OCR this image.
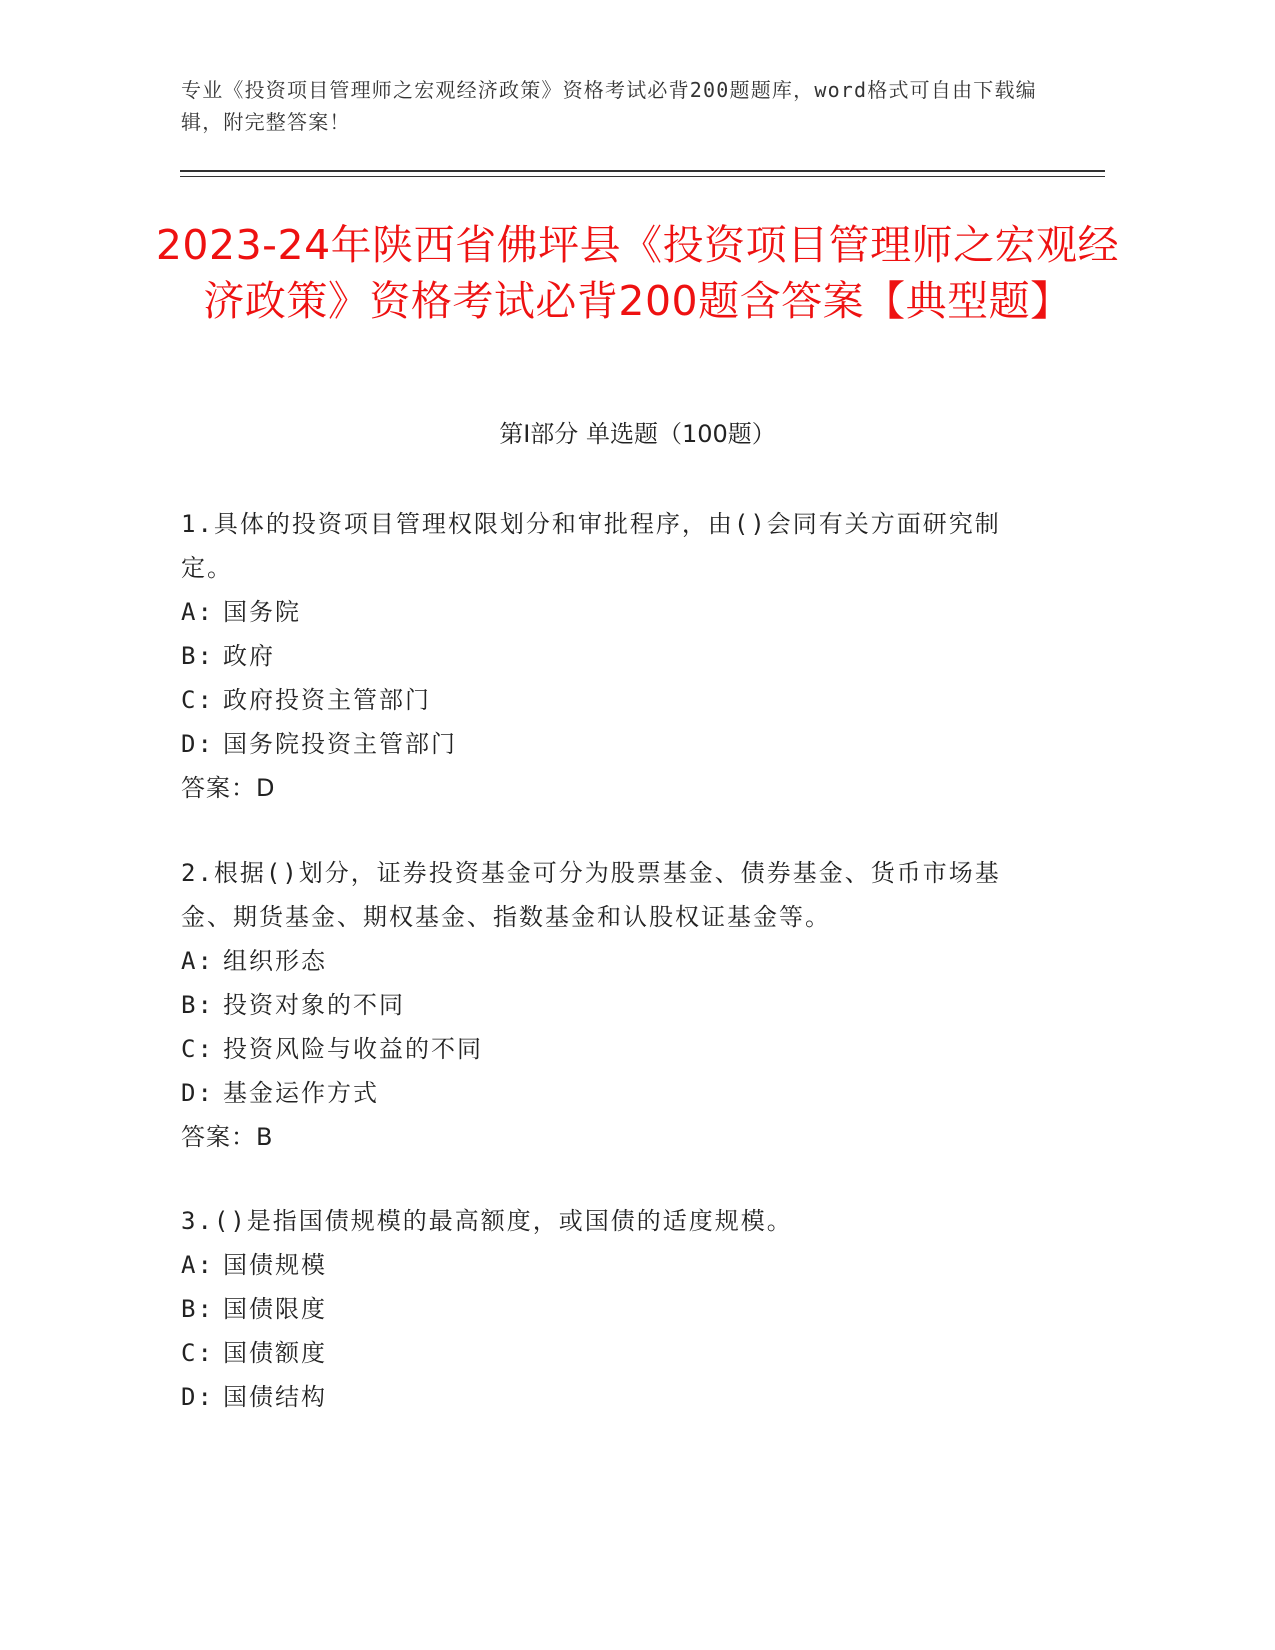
专业《投资项目管理师之宏观经济政策》资格考试必背200题题库，word格式可自由下载编辑，附完整答案！
2023-24年陕西省佛坪县《投资项目管理师之宏观经济政策》资格考试必背200题含答案【典型题】
第I部分 单选题（100题）
1.具体的投资项目管理权限划分和审批程序，由()会同有关方面研究制定。
A: 国务院
B: 政府
C: 政府投资主管部门
D: 国务院投资主管部门
答案：D
2.根据()划分，证券投资基金可分为股票基金、债券基金、货币市场基金、期货基金、期权基金、指数基金和认股权证基金等。
A: 组织形态
B: 投资对象的不同
C: 投资风险与收益的不同
D: 基金运作方式
答案：B
3.()是指国债规模的最高额度，或国债的适度规模。
A: 国债规模
B: 国债限度
C: 国债额度
D: 国债结构
